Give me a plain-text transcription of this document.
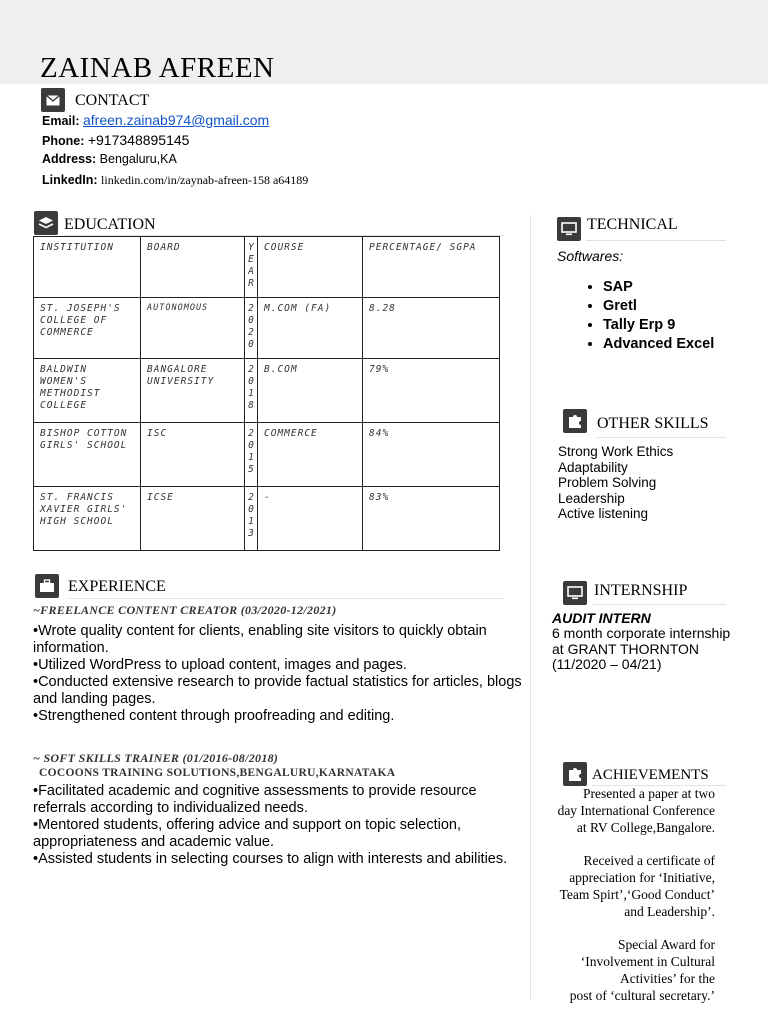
ZAINAB AFREEN
CONTACT
Email: afreen.zainab974@gmail.com
Phone: +917348895145
Address: Bengaluru,KA
LinkedIn: linkedin.com/in/zaynab-afreen-158 a64189
EDUCATION
INSTITUTION	BOARD	YEAR	COURSE	PERCENTAGE/ SGPA
ST. JOSEPH'S COLLEGE OF COMMERCE	AUTONOMOUS	2020	M.COM (FA)	8.28
BALDWIN WOMEN'S METHODIST COLLEGE	BANGALORE UNIVERSITY	2018	B.COM	79%
BISHOP COTTON GIRLS' SCHOOL	ISC	2015	COMMERCE	84%
ST. FRANCIS XAVIER GIRLS' HIGH SCHOOL	ICSE	2013	-	83%
EXPERIENCE
~FREELANCE CONTENT CREATOR (03/2020-12/2021)
•Wrote quality content for clients, enabling site visitors to quickly obtain information.
•Utilized WordPress to upload content, images and pages.
•Conducted extensive research to provide factual statistics for articles, blogs and landing pages.
•Strengthened content through proofreading and editing.
~ SOFT SKILLS TRAINER (01/2016-08/2018)
COCOONS TRAINING SOLUTIONS,BENGALURU,KARNATAKA
•Facilitated academic and cognitive assessments to provide resource referrals according to individualized needs.
•Mentored students, offering advice and support on topic selection, appropriateness and academic value.
•Assisted students in selecting courses to align with interests and abilities.
TECHNICAL
Softwares:
• SAP
• Gretl
• Tally Erp 9
• Advanced Excel
OTHER SKILLS
Strong Work Ethics
Adaptability
Problem Solving
Leadership
Active listening
INTERNSHIP
AUDIT INTERN
6 month corporate internship
at GRANT THORNTON
(11/2020 – 04/21)
ACHIEVEMENTS
Presented a paper at two
day International Conference
at RV College,Bangalore.
Received a certificate of
appreciation for ‘Initiative,
Team Spirt’,‘Good Conduct’
and Leadership’.
Special Award for
‘Involvement in Cultural
Activities’ for the
post of ‘cultural secretary.’
